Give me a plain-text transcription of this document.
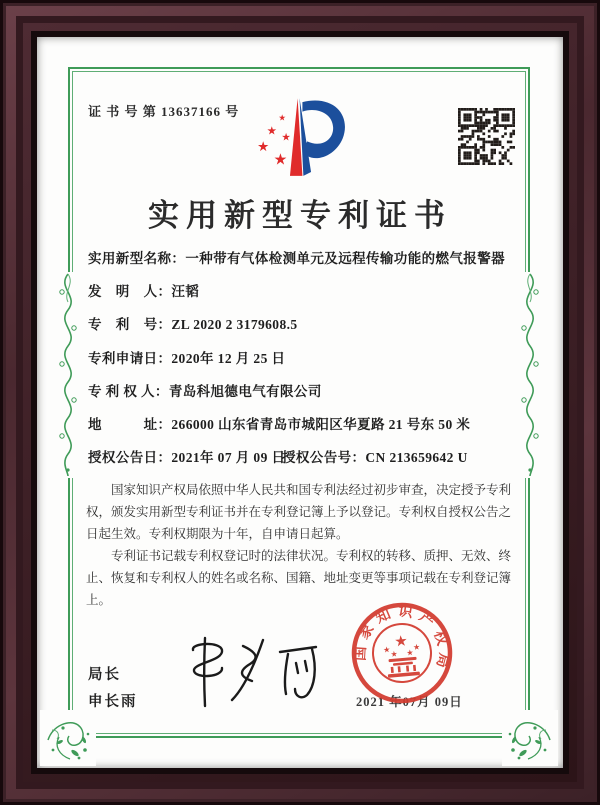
证 书 号 第 13637166 号	★
★
★
★
★
实用新型专利证书
实用新型名称：一种带有气体检测单元及远程传输功能的燃气报警器
发　明　人：汪韬
专　利　号：ZL 2020 2 3179608.5
专利申请日：2020年 12 月 25 日
专 利 权 人：青岛科旭德电气有限公司
地　　　址：266000 山东省青岛市城阳区华夏路 21 号东 50 米
授权公告日：2021年 07 月 09 日
授权公告号：CN 213659642 U

国家知识产权局依照中华人民共和国专利法经过初步审查，决定授予专利权，颁发实用新型专利证书并在专利登记簿上予以登记。专利权自授权公告之日起生效。专利权期限为十年，自申请日起算。

专利证书记载专利权登记时的法律状况。专利权的转移、质押、无效、终止、恢复和专利权人的姓名或名称、国籍、地址变更等事项记载在专利登记簿上。

局长
申长雨	2021 年07月 09日
国家知识产权局
★
★ ★ ★
★
